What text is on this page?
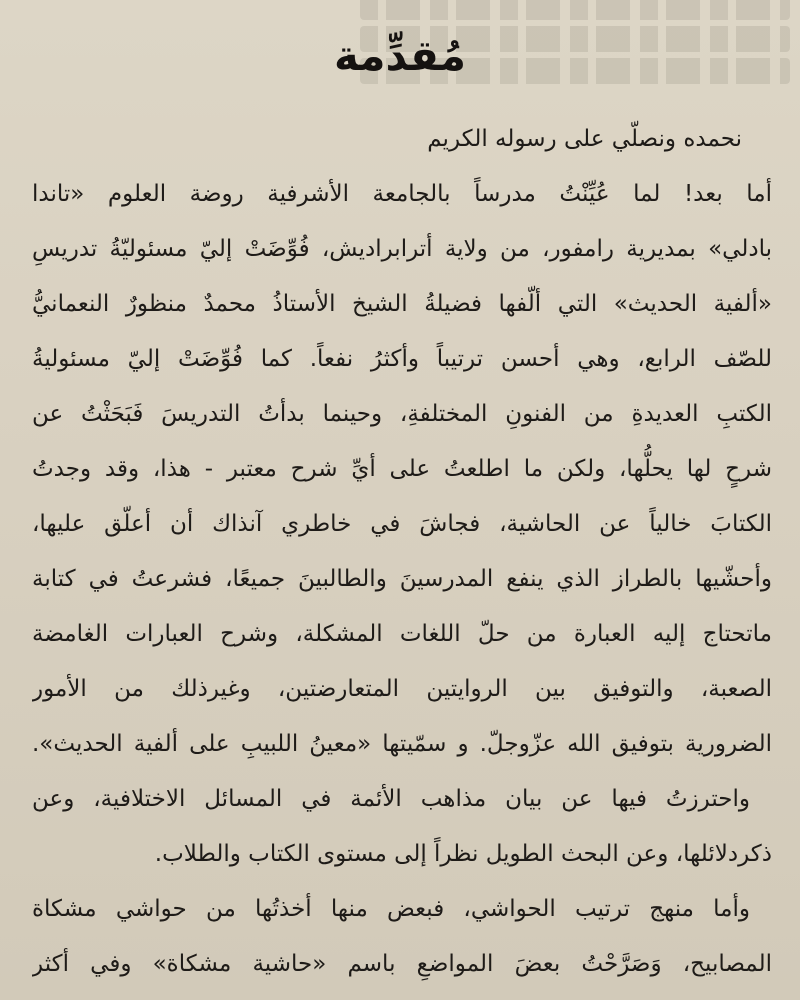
مُقدِّمة
نحمده ونصلّي على رسوله الكريم
أما بعد! لما عُيِّنْتُ مدرساً بالجامعة الأشرفية روضة العلوم «تاندا
بادلي» بمديرية رامفور، من ولاية أترابراديش، فُوِّضَتْ إليّ مسئوليّةُ تدريسِ
«ألفية الحديث» التي ألّفها فضيلةُ الشيخ الأستاذُ محمدٌ منظورٌ النعمانيُّ
للصّف الرابع، وهي أحسن ترتيباً وأكثرُ نفعاً. كما فُوِّضَتْ إليّ مسئوليةُ
الكتبِ العديدةِ من الفنونِ المختلفةِ، وحينما بدأتُ التدريسَ فَبَحَثْتُ عن
شرحٍ لها يحلُّها، ولكن ما اطلعتُ على أيِّ شرح معتبر - هذا، وقد وجدتُ
الكتابَ خالياً عن الحاشية، فجاشَ في خاطري آنذاك أن أعلّق عليها،
وأحشّيها بالطراز الذي ينفع المدرسينَ والطالبينَ جميعًا، فشرعتُ في كتابة
ماتحتاج إليه العبارة من حلّ اللغات المشكلة، وشرح العبارات الغامضة
الصعبة، والتوفيق بين الروايتين المتعارضتين، وغيرذلك من الأمور
الضرورية بتوفيق الله عزّوجلّ. و سمّيتها «معينُ اللبيبِ على ألفية الحديث».
واحترزتُ فيها عن بيان مذاهب الأئمة في المسائل الاختلافية، وعن
ذكردلائلها، وعن البحث الطويل نظراً إلى مستوى الكتاب والطلاب.
وأما منهج ترتيب الحواشي، فبعض منها أخذتُها من حواشي مشكاة
المصابيح، وَصَرَّحْتُ بعضَ المواضعِ باسم «حاشية مشكاة» وفي أكثر
